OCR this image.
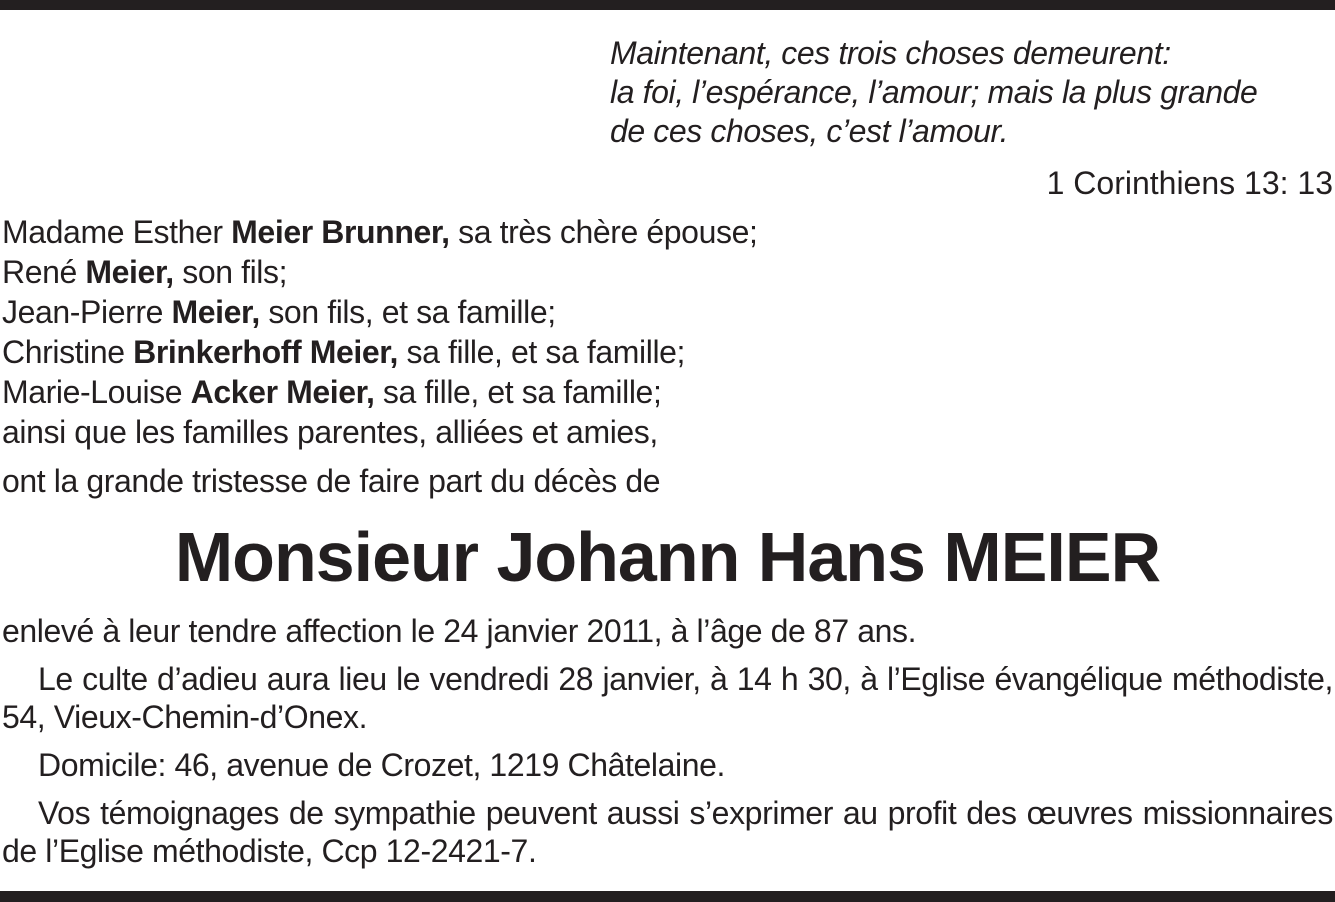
Maintenant, ces trois choses demeurent:
la foi, l’espérance, l’amour; mais la plus grande
de ces choses, c’est l’amour.
1 Corinthiens 13: 13
Madame Esther Meier Brunner, sa très chère épouse;
René Meier, son fils;
Jean-Pierre Meier, son fils, et sa famille;
Christine Brinkerhoff Meier, sa fille, et sa famille;
Marie-Louise Acker Meier, sa fille, et sa famille;
ainsi que les familles parentes, alliées et amies,
ont la grande tristesse de faire part du décès de
Monsieur Johann Hans MEIER

enlevé à leur tendre affection le 24 janvier 2011, à l’âge de 87 ans.

Le culte d’adieu aura lieu le vendredi 28 janvier, à 14 h 30, à l’Eglise évangélique méthodiste, 54, Vieux-Chemin-d’Onex.

Domicile: 46, avenue de Crozet, 1219 Châtelaine.

Vos témoignages de sympathie peuvent aussi s’exprimer au profit des œuvres missionnaires de l’Eglise méthodiste, Ccp 12-2421-7.
